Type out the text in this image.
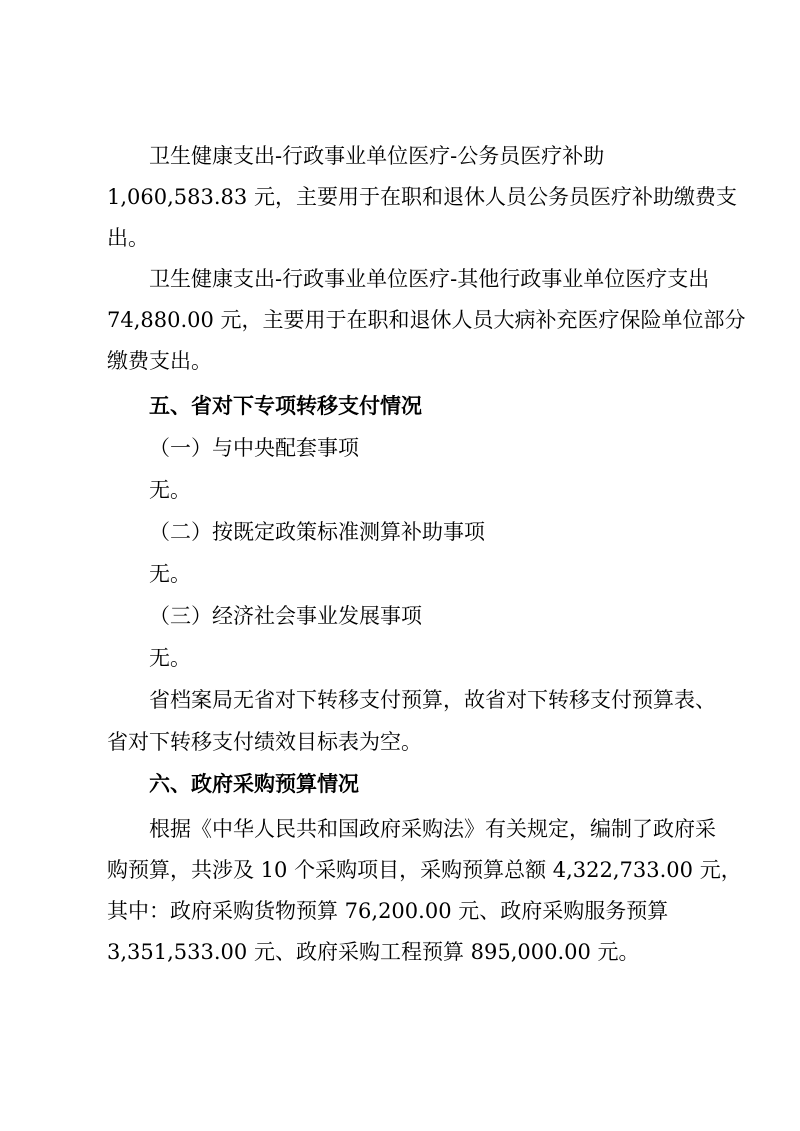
卫生健康支出-行政事业单位医疗-公务员医疗补助
1,060,583.83 元，主要用于在职和退休人员公务员医疗补助缴费支
出。
卫生健康支出-行政事业单位医疗-其他行政事业单位医疗支出
74,880.00 元，主要用于在职和退休人员大病补充医疗保险单位部分
缴费支出。
五、省对下专项转移支付情况
（一）与中央配套事项
无。
（二）按既定政策标准测算补助事项
无。
（三）经济社会事业发展事项
无。
省档案局无省对下转移支付预算，故省对下转移支付预算表、
省对下转移支付绩效目标表为空。
六、政府采购预算情况
根据《中华人民共和国政府采购法》有关规定，编制了政府采
购预算，共涉及 10 个采购项目，采购预算总额 4,322,733.00 元，
其中：政府采购货物预算 76,200.00 元、政府采购服务预算
3,351,533.00 元、政府采购工程预算 895,000.00 元。
